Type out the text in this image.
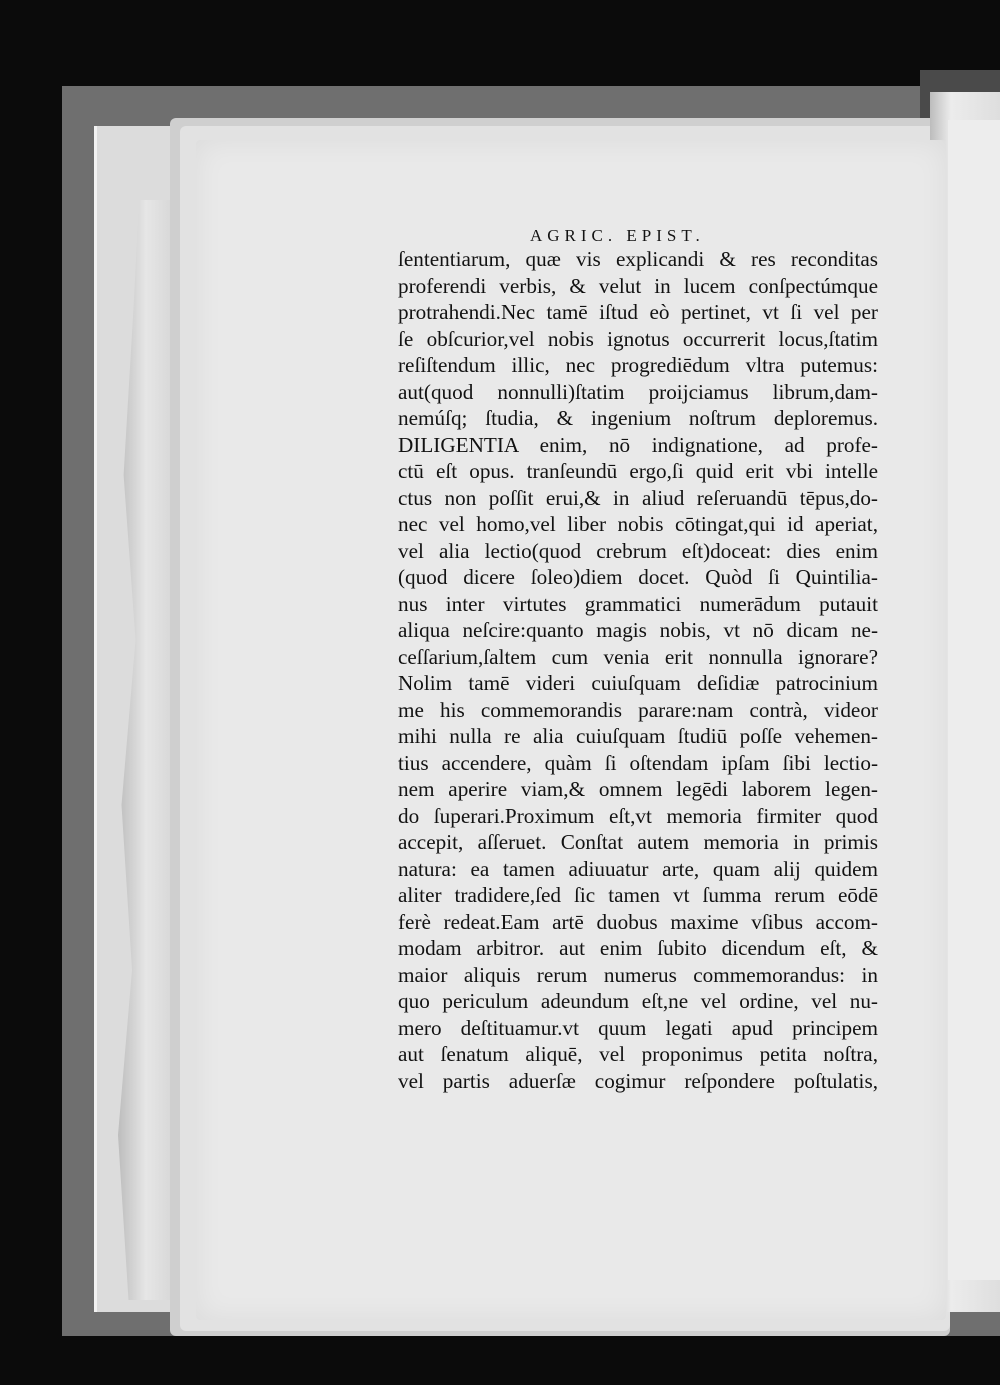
AGRIC. EPIST.
ſententiarum, quæ vis explicandi & res reconditas
proferendi verbis, & velut in lucem conſpectúmque
protrahendi.Nec tamē iſtud eò pertinet, vt ſi vel per
ſe obſcurior,vel nobis ignotus occurrerit locus,ſtatim
reſiſtendum illic, nec progrediēdum vltra putemus:
aut(quod nonnulli)ſtatim proijciamus librum,dam-
nemúſq; ſtudia, & ingenium noſtrum deploremus.
DILIGENTIA enim, nō indignatione, ad profe-
ctū eſt opus. tranſeundū ergo,ſi quid erit vbi intelle
ctus non poſſit erui,& in aliud reſeruandū tēpus,do-
nec vel homo,vel liber nobis cōtingat,qui id aperiat,
vel alia lectio(quod crebrum eſt)doceat: dies enim
(quod dicere ſoleo)diem docet. Quòd ſi Quintilia-
nus inter virtutes grammatici numerādum putauit
aliqua neſcire:quanto magis nobis, vt nō dicam ne-
ceſſarium,ſaltem cum venia erit nonnulla ignorare?
Nolim tamē videri cuiuſquam deſidiæ patrocinium
me his commemorandis parare:nam contrà, videor
mihi nulla re alia cuiuſquam ſtudiū poſſe vehemen-
tius accendere, quàm ſi oſtendam ipſam ſibi lectio-
nem aperire viam,& omnem legēdi laborem legen-
do ſuperari.Proximum eſt,vt memoria firmiter quod
accepit, aſſeruet. Conſtat autem memoria in primis
natura: ea tamen adiuuatur arte, quam alij quidem
aliter tradidere,ſed ſic tamen vt ſumma rerum eōdē
ferè redeat.Eam artē duobus maxime vſibus accom-
modam arbitror. aut enim ſubito dicendum eſt, &
maior aliquis rerum numerus commemorandus: in
quo periculum adeundum eſt,ne vel ordine, vel nu-
mero deſtituamur.vt quum legati apud principem
aut ſenatum aliquē, vel proponimus petita noſtra,
vel partis aduerſæ cogimur reſpondere poſtulatis,
